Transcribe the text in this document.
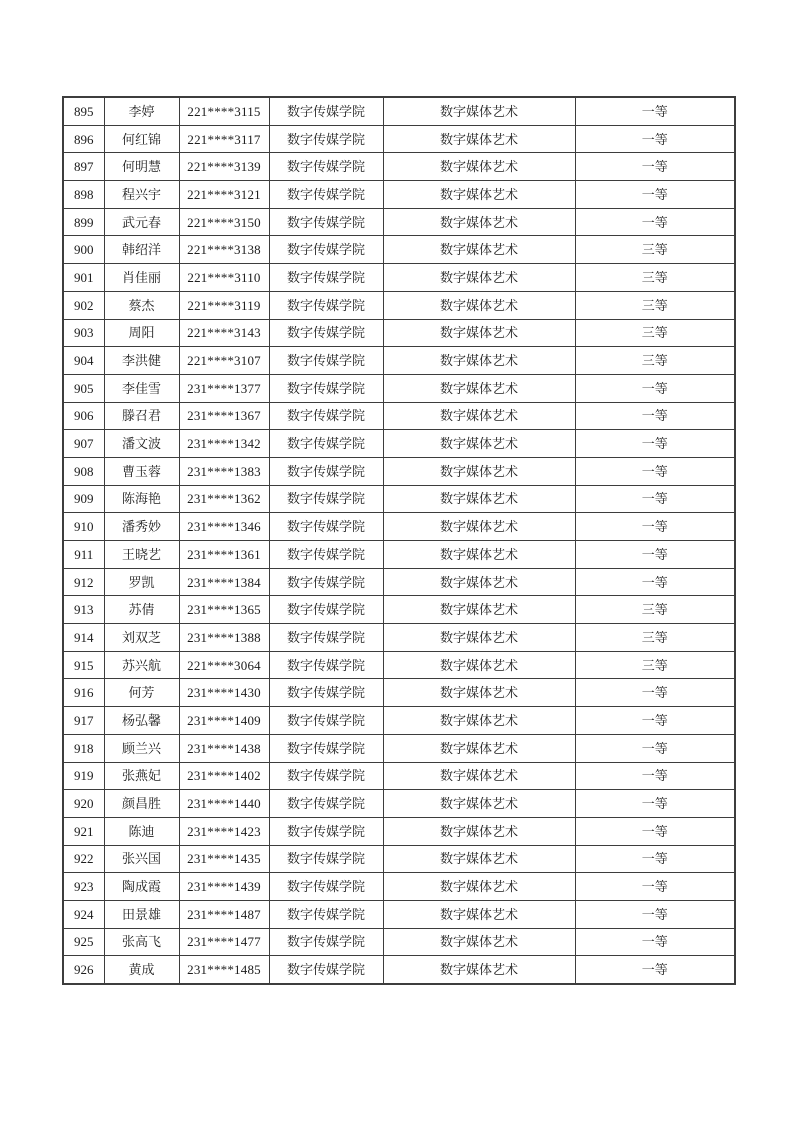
895	李婷	221****3115	数字传媒学院	数字媒体艺术	一等
896	何红锦	221****3117	数字传媒学院	数字媒体艺术	一等
897	何明慧	221****3139	数字传媒学院	数字媒体艺术	一等
898	程兴宇	221****3121	数字传媒学院	数字媒体艺术	一等
899	武元春	221****3150	数字传媒学院	数字媒体艺术	一等
900	韩绍洋	221****3138	数字传媒学院	数字媒体艺术	三等
901	肖佳丽	221****3110	数字传媒学院	数字媒体艺术	三等
902	蔡杰	221****3119	数字传媒学院	数字媒体艺术	三等
903	周阳	221****3143	数字传媒学院	数字媒体艺术	三等
904	李洪健	221****3107	数字传媒学院	数字媒体艺术	三等
905	李佳雪	231****1377	数字传媒学院	数字媒体艺术	一等
906	滕召君	231****1367	数字传媒学院	数字媒体艺术	一等
907	潘文波	231****1342	数字传媒学院	数字媒体艺术	一等
908	曹玉蓉	231****1383	数字传媒学院	数字媒体艺术	一等
909	陈海艳	231****1362	数字传媒学院	数字媒体艺术	一等
910	潘秀妙	231****1346	数字传媒学院	数字媒体艺术	一等
911	王晓艺	231****1361	数字传媒学院	数字媒体艺术	一等
912	罗凯	231****1384	数字传媒学院	数字媒体艺术	一等
913	苏倩	231****1365	数字传媒学院	数字媒体艺术	三等
914	刘双芝	231****1388	数字传媒学院	数字媒体艺术	三等
915	苏兴航	221****3064	数字传媒学院	数字媒体艺术	三等
916	何芳	231****1430	数字传媒学院	数字媒体艺术	一等
917	杨弘馨	231****1409	数字传媒学院	数字媒体艺术	一等
918	顾兰兴	231****1438	数字传媒学院	数字媒体艺术	一等
919	张燕妃	231****1402	数字传媒学院	数字媒体艺术	一等
920	颜昌胜	231****1440	数字传媒学院	数字媒体艺术	一等
921	陈迪	231****1423	数字传媒学院	数字媒体艺术	一等
922	张兴国	231****1435	数字传媒学院	数字媒体艺术	一等
923	陶成霞	231****1439	数字传媒学院	数字媒体艺术	一等
924	田景雄	231****1487	数字传媒学院	数字媒体艺术	一等
925	张高飞	231****1477	数字传媒学院	数字媒体艺术	一等
926	黄成	231****1485	数字传媒学院	数字媒体艺术	一等
